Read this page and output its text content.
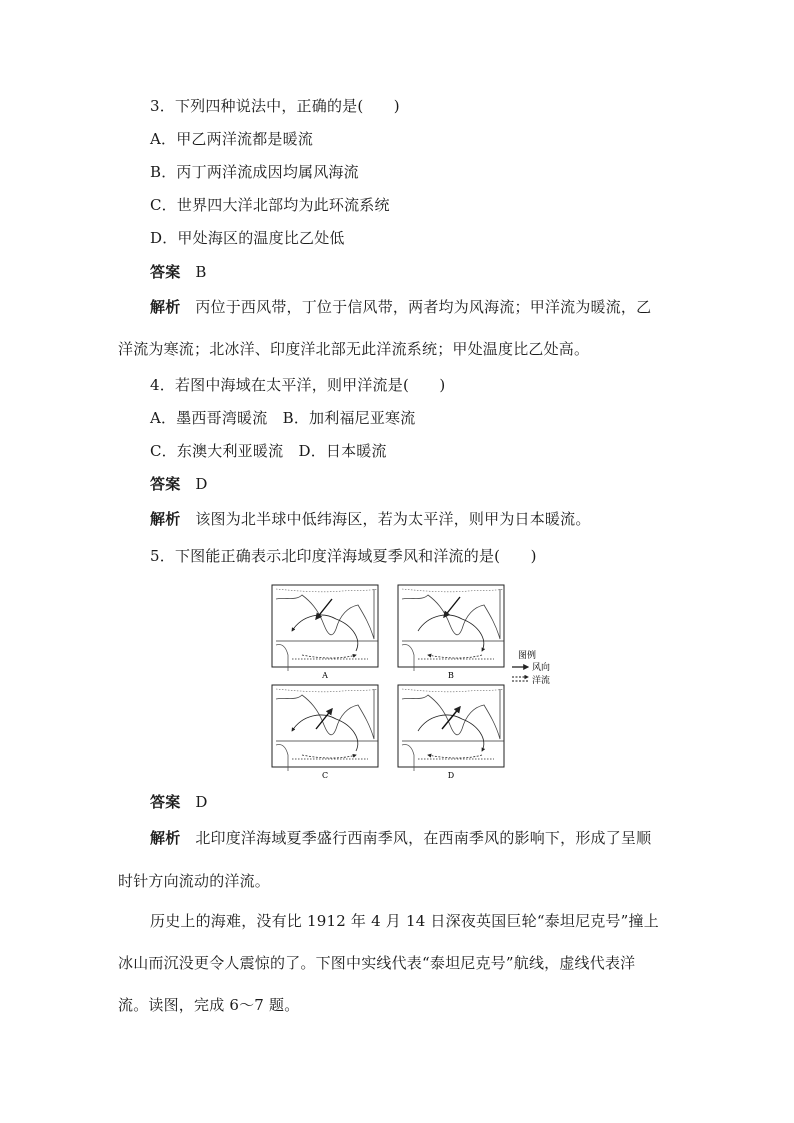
3．下列四种说法中，正确的是(　　)
A．甲乙两洋流都是暖流
B．丙丁两洋流成因均属风海流
C．世界四大洋北部均为此环流系统
D．甲处海区的温度比乙处低
答案 B
解析 丙位于西风带，丁位于信风带，两者均为风海流；甲洋流为暖流，乙
洋流为寒流；北冰洋、印度洋北部无此洋流系统；甲处温度比乙处高。
4．若图中海域在太平洋，则甲洋流是(　　)
A．墨西哥湾暖流　B．加利福尼亚寒流
C．东澳大利亚暖流　D．日本暖流
答案 D
解析 该图为北半球中低纬海区，若为太平洋，则甲为日本暖流。
5．下图能正确表示北印度洋海域夏季风和洋流的是(　　)
A	B
C	D
图例
风向
洋流
答案 D
解析 北印度洋海域夏季盛行西南季风，在西南季风的影响下，形成了呈顺
时针方向流动的洋流。
历史上的海难，没有比 1912 年 4 月 14 日深夜英国巨轮“泰坦尼克号”撞上
冰山而沉没更令人震惊的了。下图中实线代表“泰坦尼克号”航线，虚线代表洋
流。读图，完成 6～7 题。
